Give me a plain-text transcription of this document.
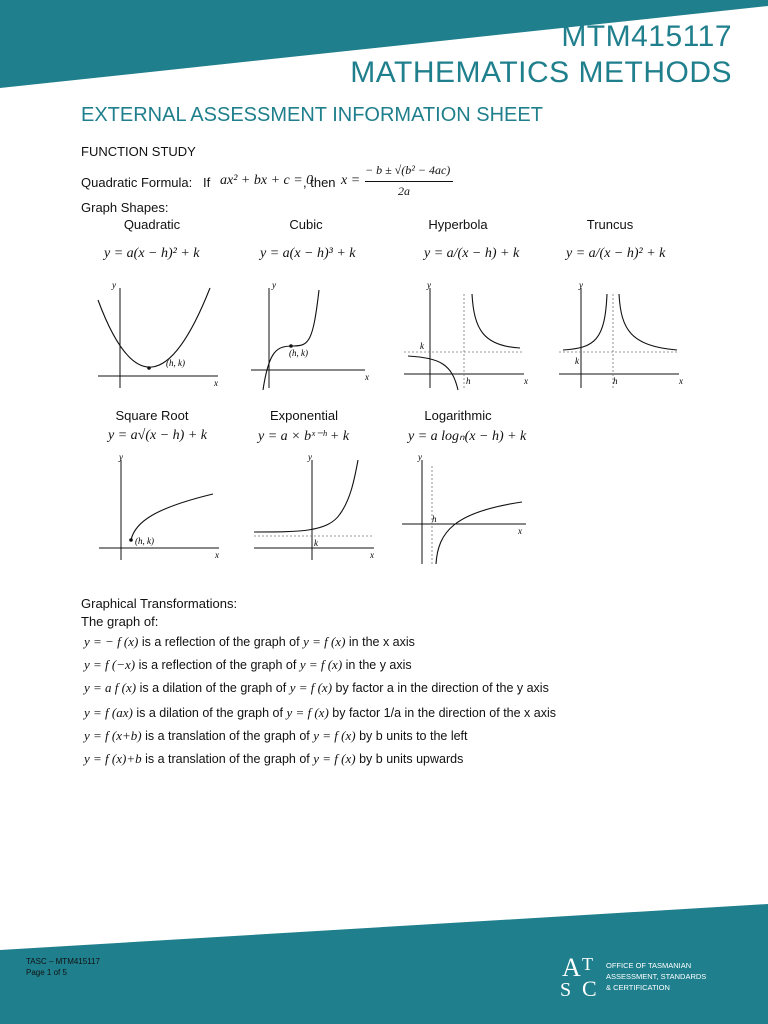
MTM415117
MATHEMATICS METHODS
EXTERNAL ASSESSMENT INFORMATION SHEET
FUNCTION STUDY
Quadratic Formula: If ax² + bx + c = 0
, then x =
− b ± √(b² − 4ac)
2a
Graph Shapes:
Quadratic	Cubic	Hyperbola	Truncus
y = a(x − h)² + k	y = a(x − h)³ + k	y = a/(x − h) + k	y = a/(x − h)² + k
y
x
(h, k)
y
x
(h, k)
y
x
k
h
y
x
k
h
Square Root	Exponential	Logarithmic
y = a√(x − h) + k	y = a × bˣ⁻ʰ + k	y = a logₙ(x − h) + k
y
x
(h, k)
y
x
k
y
x
h
Graphical Transformations:
The graph of:
y = − f (x) is a reflection of the graph of y = f (x) in the x axis
y = f (−x) is a reflection of the graph of y = f (x) in the y axis
y = a f (x) is a dilation of the graph of y = f (x) by factor a in the direction of the y axis
y = f (ax) is a dilation of the graph of y = f (x) by factor 1/a in the direction of the x axis
y = f (x+b) is a translation of the graph of y = f (x) by b units to the left
y = f (x)+b is a translation of the graph of y = f (x) by b units upwards
TASC – MTM415117
Page 1 of 5	A T
S C
OFFICE OF TASMANIAN
ASSESSMENT, STANDARDS
& CERTIFICATION
